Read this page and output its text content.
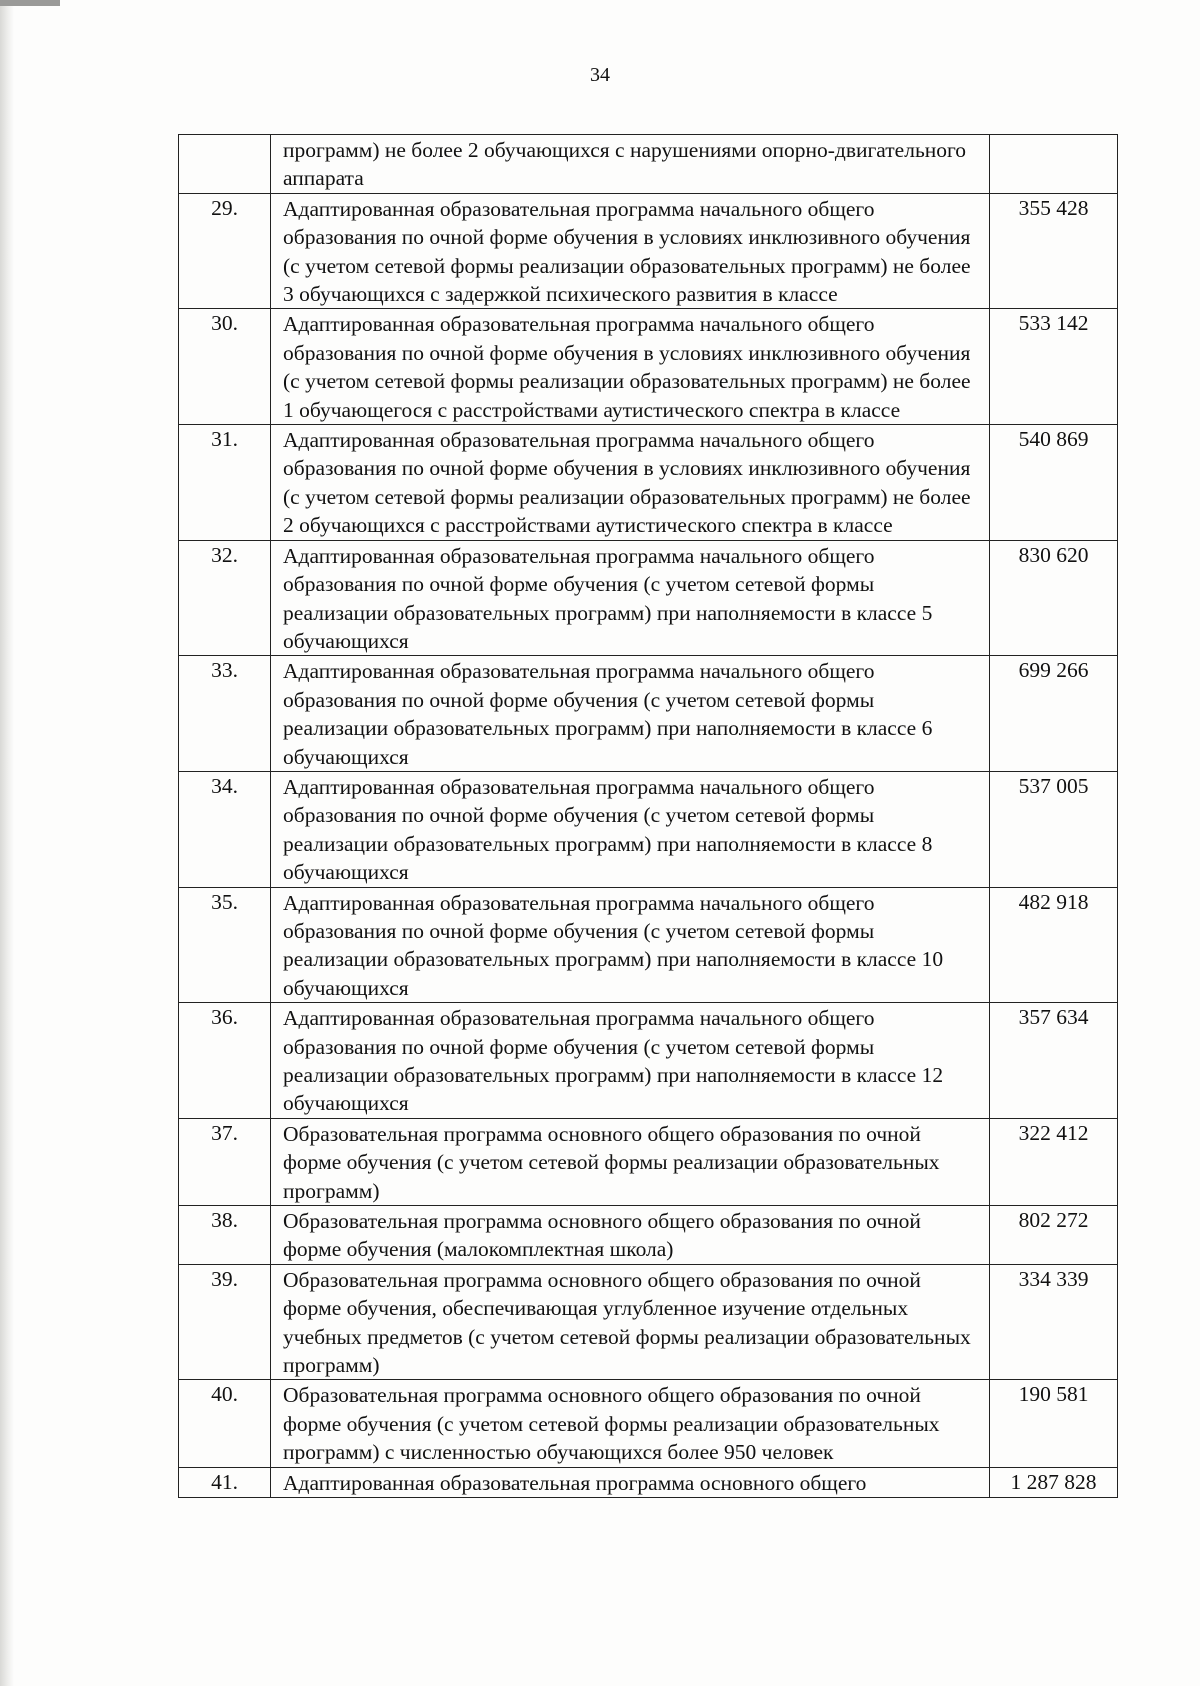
34
	программ) не более 2 обучающихся с нарушениями опорно-двигательного аппарата	
29.	Адаптированная образовательная программа начального общего образования по очной форме обучения в условиях инклюзивного обучения (с учетом сетевой формы реализации образовательных программ) не более 3 обучающихся с задержкой психического развития в классе	355 428
30.	Адаптированная образовательная программа начального общего образования по очной форме обучения в условиях инклюзивного обучения (с учетом сетевой формы реализации образовательных программ) не более 1 обучающегося с расстройствами аутистического спектра в классе	533 142
31.	Адаптированная образовательная программа начального общего образования по очной форме обучения в условиях инклюзивного обучения (с учетом сетевой формы реализации образовательных программ) не более 2 обучающихся с расстройствами аутистического спектра в классе	540 869
32.	Адаптированная образовательная программа начального общего образования по очной форме обучения (с учетом сетевой формы реализации образовательных программ) при наполняемости в классе 5 обучающихся	830 620
33.	Адаптированная образовательная программа начального общего образования по очной форме обучения (с учетом сетевой формы реализации образовательных программ) при наполняемости в классе 6 обучающихся	699 266
34.	Адаптированная образовательная программа начального общего образования по очной форме обучения (с учетом сетевой формы реализации образовательных программ) при наполняемости в классе 8 обучающихся	537 005
35.	Адаптированная образовательная программа начального общего образования по очной форме обучения (с учетом сетевой формы реализации образовательных программ) при наполняемости в классе 10 обучающихся	482 918
36.	Адаптированная образовательная программа начального общего образования по очной форме обучения (с учетом сетевой формы реализации образовательных программ) при наполняемости в классе 12 обучающихся	357 634
37.	Образовательная программа основного общего образования по очной форме обучения (с учетом сетевой формы реализации образовательных программ)	322 412
38.	Образовательная программа основного общего образования по очной форме обучения (малокомплектная школа)	802 272
39.	Образовательная программа основного общего образования по очной форме обучения, обеспечивающая углубленное изучение отдельных учебных предметов (с учетом сетевой формы реализации образовательных программ)	334 339
40.	Образовательная программа основного общего образования по очной форме обучения (с учетом сетевой формы реализации образовательных программ) с численностью обучающихся более 950 человек	190 581
41.	Адаптированная образовательная программа основного общего	1 287 828
